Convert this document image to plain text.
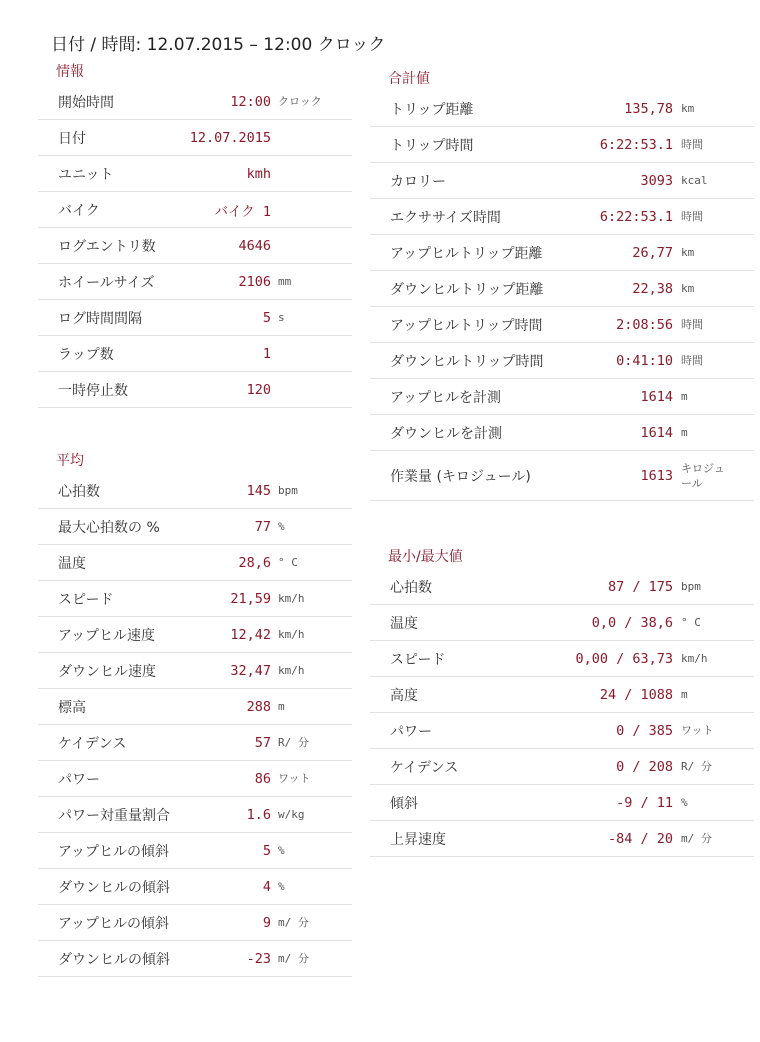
日付 / 時間: 12.07.2015 – 12:00 クロック
情報
開始時間	12:00 クロック
日付	12.07.2015
ユニット	kmh
バイク	バイク 1
ログエントリ数	4646
ホイールサイズ	2106 mm
ログ時間間隔	5 s
ラップ数	1
一時停止数	120
平均
心拍数	145 bpm
最大心拍数の %	77 %
温度	28,6 ° C
スピード	21,59 km/h
アップヒル速度	12,42 km/h
ダウンヒル速度	32,47 km/h
標高	288 m
ケイデンス	57 R/ 分
パワー	86 ワット
パワー対重量割合	1.6 w/kg
アップヒルの傾斜	5 %
ダウンヒルの傾斜	4 %
アップヒルの傾斜	9 m/ 分
ダウンヒルの傾斜	-23 m/ 分
合計値
トリップ距離	135,78 km
トリップ時間	6:22:53.1 時間
カロリー	3093 kcal
エクササイズ時間	6:22:53.1 時間
アップヒルトリップ距離	26,77 km
ダウンヒルトリップ距離	22,38 km
アップヒルトリップ時間	2:08:56 時間
ダウンヒルトリップ時間	0:41:10 時間
アップヒルを計測	1614 m
ダウンヒルを計測	1614 m
作業量 (キロジュール)	1613 キロジュール
最小/最大値
心拍数	87 / 175 bpm
温度	0,0 / 38,6 ° C
スピード	0,00 / 63,73 km/h
高度	24 / 1088 m
パワー	0 / 385 ワット
ケイデンス	0 / 208 R/ 分
傾斜	-9 / 11 %
上昇速度	-84 / 20 m/ 分
